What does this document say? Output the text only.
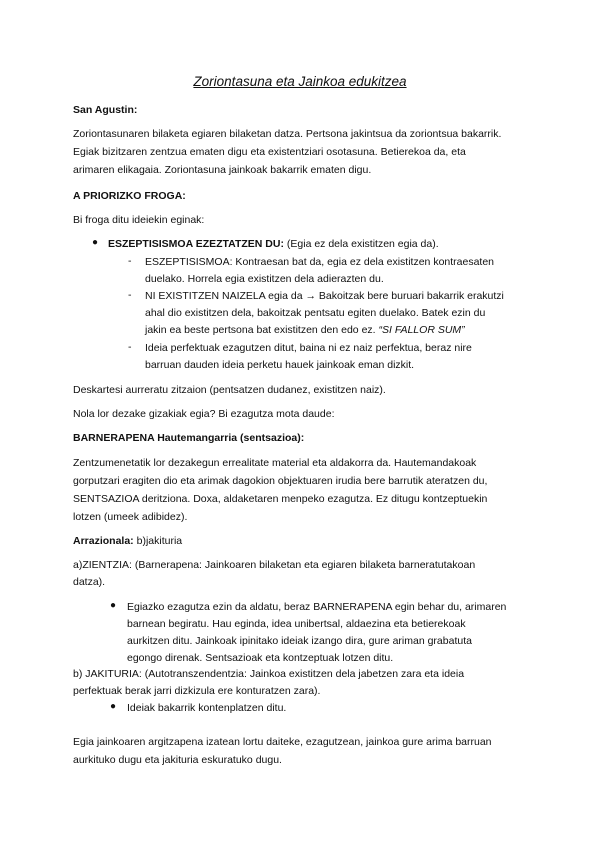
Zoriontasuna eta Jainkoa edukitzea
San Agustin:
Zoriontasunaren bilaketa egiaren bilaketan datza. Pertsona jakintsua da zoriontsua bakarrik.
Egiak bizitzaren zentzua ematen digu eta existentziari osotasuna. Betierekoa da, eta
arimaren elikagaia. Zoriontasuna jainkoak bakarrik ematen digu.
A PRIORIZKO FROGA:
Bi froga ditu ideiekin eginak:
● ESZEPTISISMOA EZEZTATZEN DU: (Egia ez dela existitzen egia da).
- ESZEPTISISMOA: Kontraesan bat da, egia ez dela existitzen kontraesaten
duelako. Horrela egia existitzen dela adierazten du.
- NI EXISTITZEN NAIZELA egia da → Bakoitzak bere buruari bakarrik erakutzi
ahal dio existitzen dela, bakoitzak pentsatu egiten duelako. Batek ezin du
jakin ea beste pertsona bat existitzen den edo ez. “SI FALLOR SUM”
- Ideia perfektuak ezagutzen ditut, baina ni ez naiz perfektua, beraz nire
barruan dauden ideia perketu hauek jainkoak eman dizkit.
Deskartesi aurreratu zitzaion (pentsatzen dudanez, existitzen naiz).
Nola lor dezake gizakiak egia? Bi ezagutza mota daude:
BARNERAPENA Hautemangarria (sentsazioa):
Zentzumenetatik lor dezakegun errealitate material eta aldakorra da. Hautemandakoak
gorputzari eragiten dio eta arimak dagokion objektuaren irudia bere barrutik ateratzen du,
SENTSAZIOA deritziona. Doxa, aldaketaren menpeko ezagutza. Ez ditugu kontzeptuekin
lotzen (umeek adibidez).
Arrazionala: b)jakituria
a)ZIENTZIA: (Barnerapena: Jainkoaren bilaketan eta egiaren bilaketa barneratutakoan
datza).
● Egiazko ezagutza ezin da aldatu, beraz BARNERAPENA egin behar du, arimaren
barnean begiratu. Hau eginda, idea unibertsal, aldaezina eta betierekoak
aurkitzen ditu. Jainkoak ipinitako ideiak izango dira, gure ariman grabatuta
egongo direnak. Sentsazioak eta kontzeptuak lotzen ditu.
b) JAKITURIA: (Autotranszendentzia: Jainkoa existitzen dela jabetzen zara eta ideia
perfektuak berak jarri dizkizula ere konturatzen zara).
● Ideiak bakarrik kontenplatzen ditu.
Egia jainkoaren argitzapena izatean lortu daiteke, ezagutzean, jainkoa gure arima barruan
aurkituko dugu eta jakituria eskuratuko dugu.
